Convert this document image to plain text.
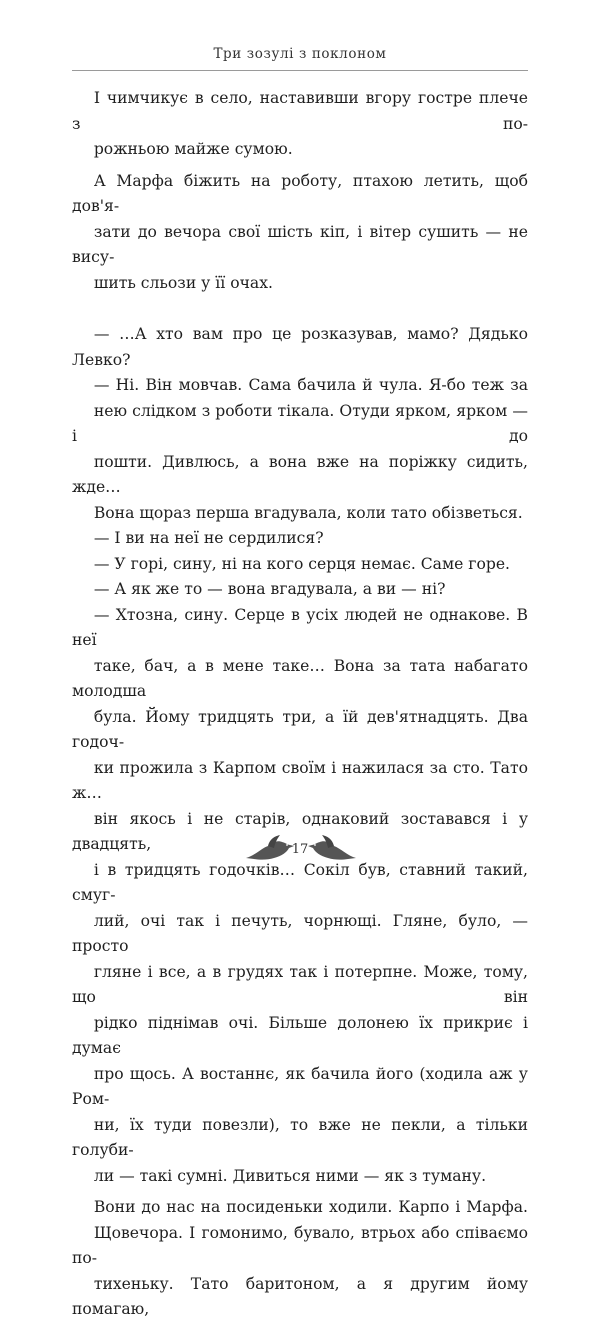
Три зозулі з поклоном

І чимчикує в село, наставивши вгору гостре плече з по-
рожньою майже сумою.

А Марфа біжить на роботу, птахою летить, щоб дов'я-
зати до вечора свої шість кіп, і вітер сушить — не вису-
шить сльози у її очах.

— …А хто вам про це розказував, мамо? Дядько Левко?

— Ні. Він мовчав. Сама бачила й чула. Я-бо теж за
нею слідком з роботи тікала. Отуди ярком, ярком — і до
пошти. Дивлюсь, а вона вже на поріжку сидить, жде…
Вона щораз перша вгадувала, коли тато обізветься.

— І ви на неї не сердилися?

— У горі, сину, ні на кого серця немає. Саме горе.

— А як же то — вона вгадувала, а ви — ні?

— Хтозна, сину. Серце в усіх людей не однакове. В неї
таке, бач, а в мене таке… Вона за тата набагато молодша
була. Йому тридцять три, а їй дев'ятнадцять. Два годоч-
ки прожила з Карпом своїм і нажилася за сто. Тато ж…
він якось і не старів, однаковий зоставався і у двадцять,
і в тридцять годочків… Сокіл був, ставний такий, смуг-
лий, очі так і печуть, чорнющі. Гляне, було, — просто
гляне і все, а в грудях так і потерпне. Може, тому, що він
рідко піднімав очі. Більше долонею їх прикриє і думає
про щось. А востаннє, як бачила його (ходила аж у Ром-
ни, їх туди повезли), то вже не пекли, а тільки голуби-
ли — такі сумні. Дивиться ними — як з туману.

Вони до нас на посиденьки ходили. Карпо і Марфа.
Щовечора. І гомонимо, бувало, втрьох або співаємо по-
тихеньку. Тато баритоном, а я другим йому помагаю,

17
